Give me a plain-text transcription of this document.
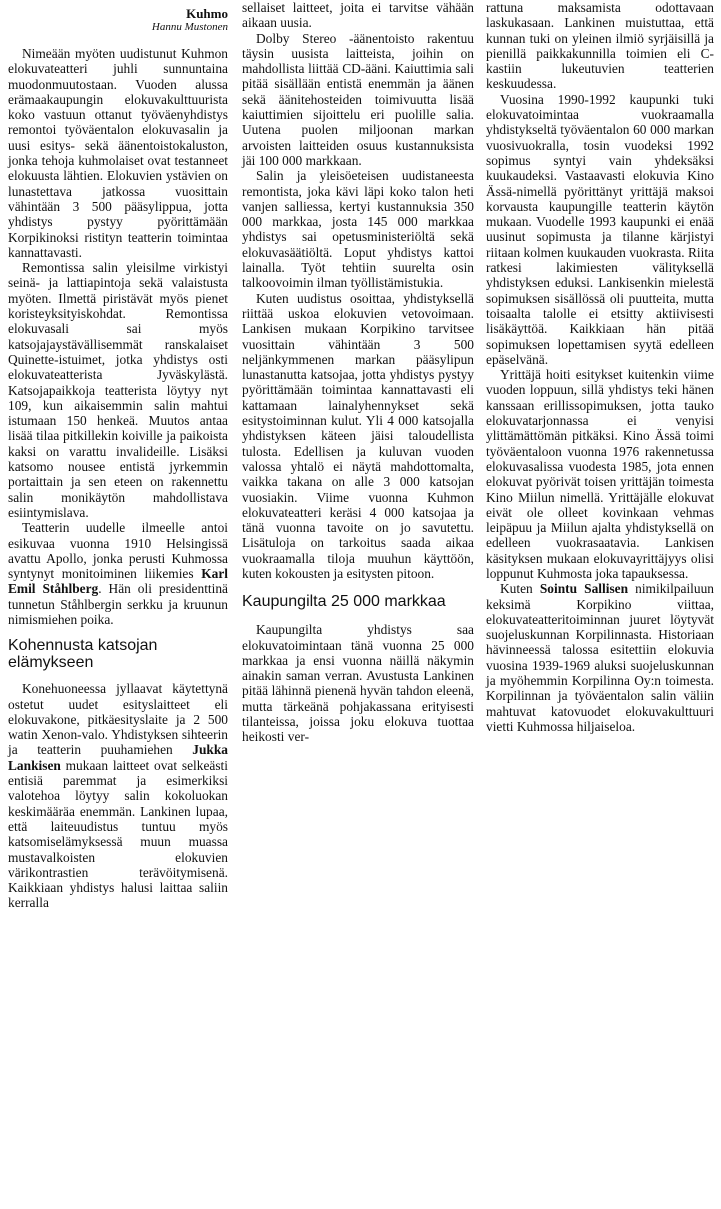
Kuhmo
Hannu Mustonen

Nimeään myöten uudistunut Kuhmon elokuvateatteri juhli sunnuntaina muodonmuutostaan. Vuoden alussa erämaakaupungin elokuvakulttuurista koko vastuun ottanut työväenyhdistys remontoi työväentalon elokuvasalin ja uusi esitys- sekä äänentoistokaluston, jonka tehoja kuhmolaiset ovat testanneet elokuusta lähtien. Elokuvien ystävien on lunastettava jatkossa vuosittain vähintään 3 500 pääsylippua, jotta yhdistys pystyy pyörittämään Korpikinoksi ristityn teatterin toimintaa kannattavasti.

Remontissa salin yleisilme virkistyi seinä- ja lattiapintoja sekä valaistusta myöten. Ilmettä piristävät myös pienet koristeyksityiskohdat. Remontissa elokuvasali sai myös katsojajaystävällisemmät ranskalaiset Quinette-istuimet, jotka yhdistys osti elokuvateatterista Jyväskylästä. Katsojapaikkoja teatterista löytyy nyt 109, kun aikaisemmin salin mahtui istumaan 150 henkeä. Muutos antaa lisää tilaa pitkillekin koiville ja paikoista kaksi on varattu invalideille. Lisäksi katsomo nousee entistä jyrkemmin portaittain ja sen eteen on rakennettu salin monikäytön mahdollistava esiintymislava.

Teatterin uudelle ilmeelle antoi esikuvaa vuonna 1910 Helsingissä avattu Apollo, jonka perusti Kuhmossa syntynyt monitoiminen liikemies Karl Emil Ståhlberg. Hän oli presidenttinä tunnetun Ståhlbergin serkku ja kruunun nimismiehen poika.

Kohennusta katsojan elämykseen

Konehuoneessa jyllaavat käytettynä ostetut uudet esityslaitteet eli elokuvakone, pitkäesityslaite ja 2 500 watin Xenon-valo. Yhdistyksen sihteerin ja teatterin puuhamiehen Jukka Lankisen mukaan laitteet ovat selkeästi entisiä paremmat ja esimerkiksi valotehoa löytyy salin kokoluokan keskimääräa enemmän. Lankinen lupaa, että laiteuudistus tuntuu myös katsomiselämyksessä muun muassa mustavalkoisten elokuvien värikontrastien terävöitymisenä. Kaikkiaan yhdistys halusi laittaa saliin kerralla

sellaiset laitteet, joita ei tarvitse vähään aikaan uusia.

Dolby Stereo -äänentoisto rakentuu täysin uusista laitteista, joihin on mahdollista liittää CD-ääni. Kaiuttimia sali pitää sisällään entistä enemmän ja äänen sekä äänitehosteiden toimivuutta lisää kaiuttimien sijoittelu eri puolille salia. Uutena puolen miljoonan markan arvoisten laitteiden osuus kustannuksista jäi 100 000 markkaan.

Salin ja yleisöeteisen uudistaneesta remontista, joka kävi läpi koko talon heti vanjen salliessa, kertyi kustannuksia 350 000 markkaa, josta 145 000 markkaa yhdistys sai opetusministeriöltä sekä elokuvasäätiöltä. Loput yhdistys kattoi lainalla. Työt tehtiin suurelta osin talkoovoimin ilman työllistämistukia.

Kuten uudistus osoittaa, yhdistyksellä riittää uskoa elokuvien vetovoimaan. Lankisen mukaan Korpikino tarvitsee vuosittain vähintään 3 500 neljänkymmenen markan pääsylipun lunastanutta katsojaa, jotta yhdistys pystyy pyörittämään toimintaa kannattavasti eli kattamaan lainalyhennykset sekä esitystoiminnan kulut. Yli 4 000 katsojalla yhdistyksen käteen jäisi taloudellista tulosta. Edellisen ja kuluvan vuoden valossa yhtalö ei näytä mahdottomalta, vaikka takana on alle 3 000 katsojan vuosiakin. Viime vuonna Kuhmon elokuvateatteri keräsi 4 000 katsojaa ja tänä vuonna tavoite on jo savutettu. Lisätuloja on tarkoitus saada aikaa vuokraamalla tiloja muuhun käyttöön, kuten kokousten ja esitysten pitoon.

Kaupungilta 25 000 markkaa

Kaupungilta yhdistys saa elokuvatoimintaan tänä vuonna 25 000 markkaa ja ensi vuonna näillä näkymin ainakin saman verran. Avustusta Lankinen pitää lähinnä pienenä hyvän tahdon eleenä, mutta tärkeänä pohjakassana erityisesti tilanteissa, joissa joku elokuva tuottaa heikosti ver-

rattuna maksamista odottavaan laskukasaan. Lankinen muistuttaa, että kunnan tuki on yleinen ilmiö syrjäisillä ja pienillä paikkakunnilla toimien eli C-kastiin lukeutuvien teatterien keskuudessa.

Vuosina 1990-1992 kaupunki tuki elokuvatoimintaa vuokraamalla yhdistykseltä työväentalon 60 000 markan vuosivuokralla, tosin vuodeksi 1992 sopimus syntyi vain yhdeksäksi kuukaudeksi. Vastaavasti elokuvia Kino Ässä-nimellä pyörittänyt yrittäjä maksoi korvausta kaupungille teatterin käytön mukaan. Vuodelle 1993 kaupunki ei enää uusinut sopimusta ja tilanne kärjistyi riitaan kolmen kuukauden vuokrasta. Riita ratkesi lakimiesten välityksellä yhdistyksen eduksi. Lankisenkin mielestä sopimuksen sisällössä oli puutteita, mutta toisaalta talolle ei etsitty aktiivisesti lisäkäyttöä. Kaikkiaan hän pitää sopimuksen lopettamisen syytä edelleen epäselvänä.

Yrittäjä hoiti esitykset kuitenkin viime vuoden loppuun, sillä yhdistys teki hänen kanssaan erillissopimuksen, jotta tauko elokuvatarjonnassa ei venyisi ylittämättömän pitkäksi. Kino Ässä toimi työväentaloon vuonna 1976 rakennetussa elokuvasalissa vuodesta 1985, jota ennen elokuvat pyörivät toisen yrittäjän toimesta Kino Miilun nimellä. Yrittäjälle elokuvat eivät ole olleet kovinkaan vehmas leipäpuu ja Miilun ajalta yhdistyksellä on edelleen vuokrasaatavia. Lankisen käsityksen mukaan elokuvayrittäjyys olisi loppunut Kuhmosta joka tapauksessa.

Kuten Sointu Sallisen nimikilpailuun keksimä Korpikino viittaa, elokuvateatteritoiminnan juuret löytyvät suojeluskunnan Korpilinnasta. Historiaan hävinneessä talossa esitettiin elokuvia vuosina 1939-1969 aluksi suojeluskunnan ja myöhemmin Korpilinna Oy:n toimesta. Korpilinnan ja työväentalon salin väliin mahtuvat katovuodet elokuvakulttuuri vietti Kuhmossa hiljaiseloa.
